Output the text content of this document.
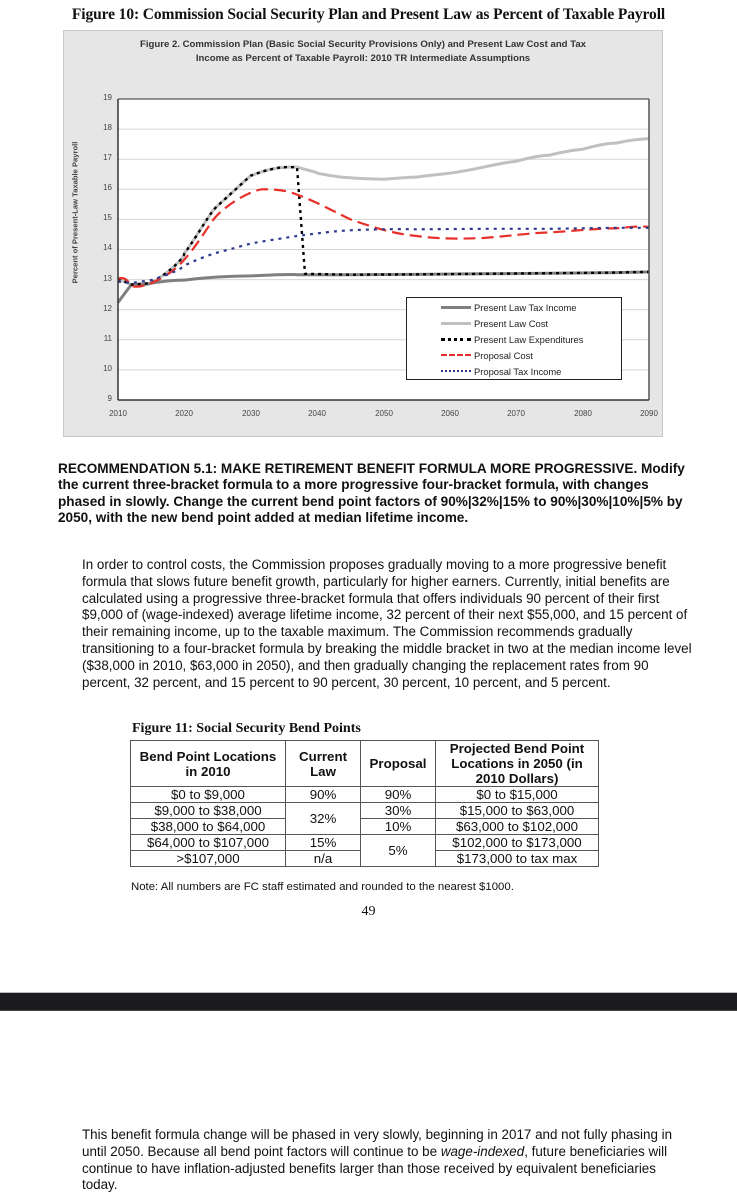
Figure 10: Commission Social Security Plan and Present Law as Percent of Taxable Payroll
Figure 2. Commission Plan (Basic Social Security Provisions Only) and Present Law Cost and Tax
Income as Percent of Taxable Payroll: 2010 TR Intermediate Assumptions
Percent of Present-Law Taxable Payroll
19
18
17
16
15
14
13
12
11
10
9
2010	2020	2030	2040	2050	2060	2070	2080	2090
Present Law Tax Income
Present Law Cost
Present Law Expenditures
Proposal Cost
Proposal Tax Income
RECOMMENDATION 5.1: MAKE RETIREMENT BENEFIT FORMULA MORE PROGRESSIVE. Modify the current three-bracket formula to a more progressive four-bracket formula, with changes phased in slowly. Change the current bend point factors of 90%|32%|15% to 90%|30%|10%|5% by 2050, with the new bend point added at median lifetime income.
In order to control costs, the Commission proposes gradually moving to a more progressive benefit formula that slows future benefit growth, particularly for higher earners. Currently, initial benefits are calculated using a progressive three-bracket formula that offers individuals 90 percent of their first $9,000 of (wage-indexed) average lifetime income, 32 percent of their next $55,000, and 15 percent of their remaining income, up to the taxable maximum. The Commission recommends gradually transitioning to a four-bracket formula by breaking the middle bracket in two at the median income level ($38,000 in 2010, $63,000 in 2050), and then gradually changing the replacement rates from 90 percent, 32 percent, and 15 percent to 90 percent, 30 percent, 10 percent, and 5 percent.
Figure 11: Social Security Bend Points
Bend Point Locations in 2010	Current Law	Proposal	Projected Bend Point Locations in 2050 (in 2010 Dollars)
$0 to $9,000	90%	90%	$0 to $15,000
$9,000 to $38,000	32%	30%	$15,000 to $63,000
$38,000 to $64,000		10%	$63,000 to $102,000
$64,000 to $107,000	15%	5%	$102,000 to $173,000
>$107,000	n/a		$173,000 to tax max
Note: All numbers are FC staff estimated and rounded to the nearest $1000.
49
This benefit formula change will be phased in very slowly, beginning in 2017 and not fully phasing in until 2050. Because all bend point factors will continue to be wage-indexed, future beneficiaries will continue to have inflation-adjusted benefits larger than those received by equivalent beneficiaries today.
